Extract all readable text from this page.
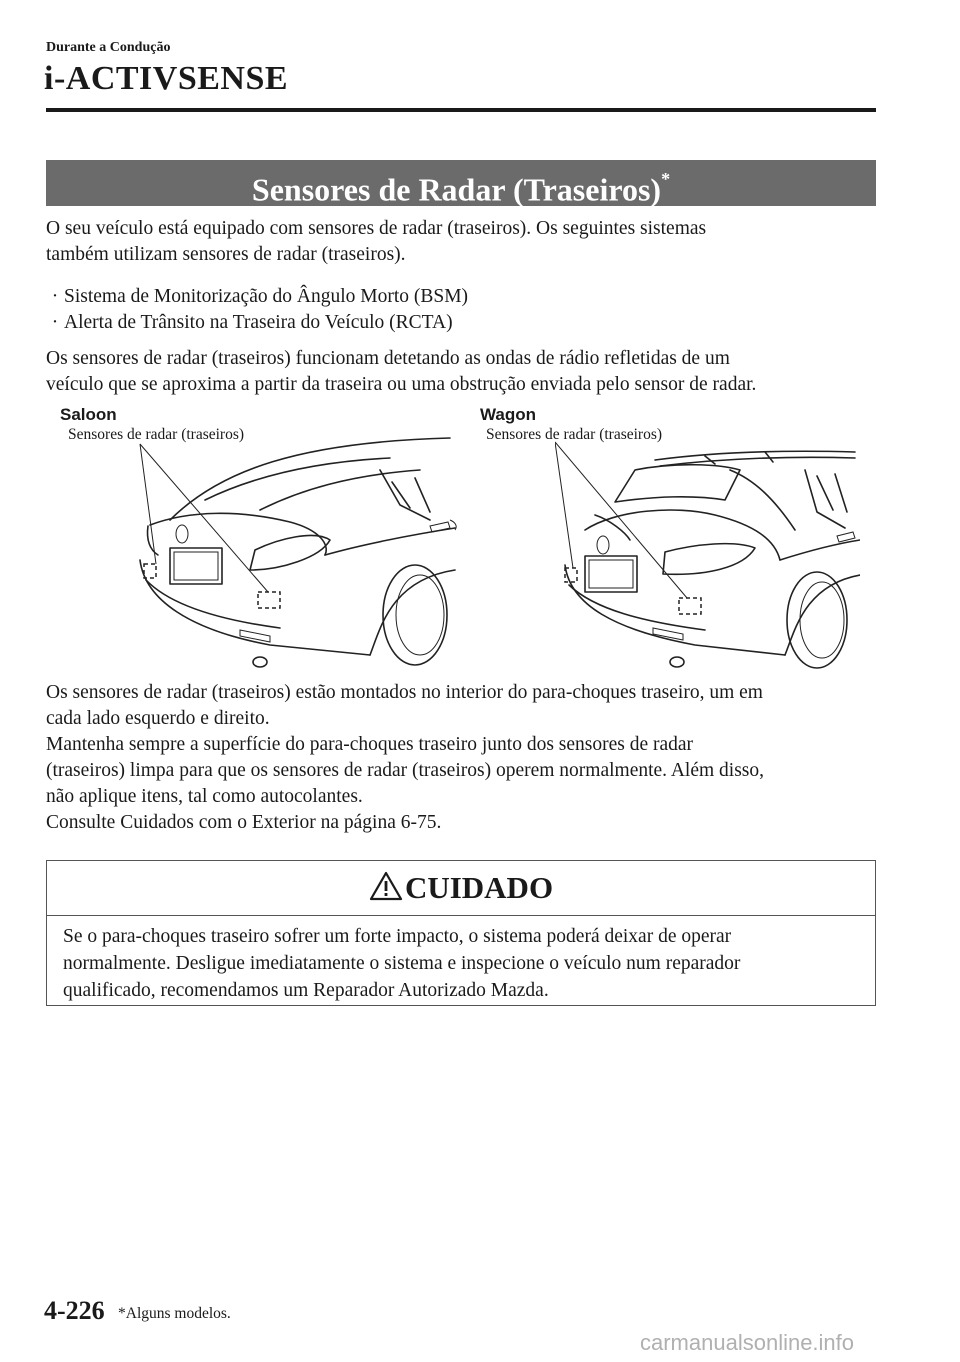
Durante a Condução
i-ACTIVSENSE
Sensores de Radar (Traseiros)*
O seu veículo está equipado com sensores de radar (traseiros). Os seguintes sistemas
também utilizam sensores de radar (traseiros).
· Sistema de Monitorização do Ângulo Morto (BSM)
· Alerta de Trânsito na Traseira do Veículo (RCTA)
Os sensores de radar (traseiros) funcionam detetando as ondas de rádio refletidas de um
veículo que se aproxima a partir da traseira ou uma obstrução enviada pelo sensor de radar.
Saloon
Sensores de radar (traseiros)
Wagon
Sensores de radar (traseiros)
Os sensores de radar (traseiros) estão montados no interior do para-choques traseiro, um em
cada lado esquerdo e direito.
Mantenha sempre a superfície do para-choques traseiro junto dos sensores de radar
(traseiros) limpa para que os sensores de radar (traseiros) operem normalmente. Além disso,
não aplique itens, tal como autocolantes.
Consulte Cuidados com o Exterior na página 6-75.
CUIDADO
Se o para-choques traseiro sofrer um forte impacto, o sistema poderá deixar de operar
normalmente. Desligue imediatamente o sistema e inspecione o veículo num reparador
qualificado, recomendamos um Reparador Autorizado Mazda.
4-226 *Alguns modelos.
carmanualsonline.info
